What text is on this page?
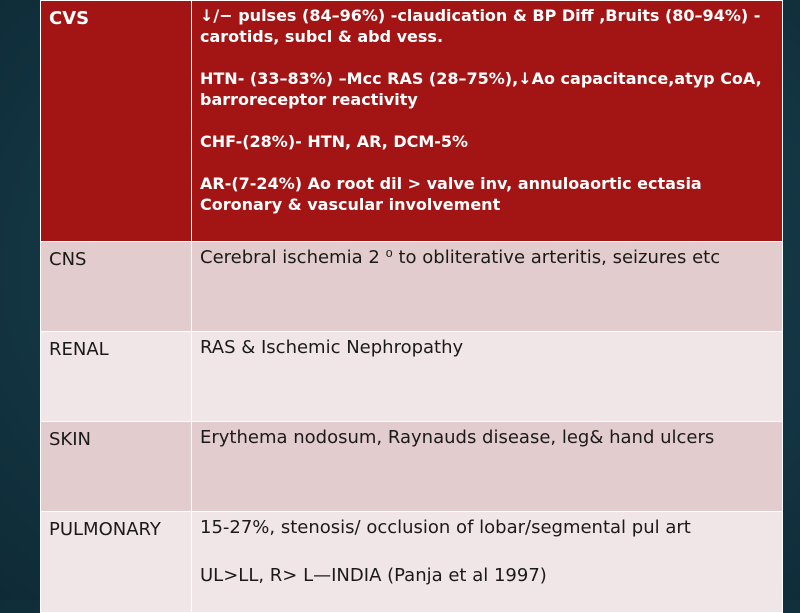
CVS	↓/− pulses (84–96%) -claudication & BP Diff ,Bruits (80–94%) -carotids, subcl & abd vess.

HTN- (33–83%) –Mcc RAS (28–75%),↓Ao capacitance,atyp CoA, barroreceptor reactivity

CHF-(28%)- HTN, AR, DCM-5%

AR-(7-24%) Ao root dil > valve inv, annuloaortic ectasia Coronary & vascular involvement

CNS	Cerebral ischemia 2 ⁰ to obliterative arteritis, seizures etc

RENAL	RAS & Ischemic Nephropathy

SKIN	Erythema nodosum, Raynauds disease, leg& hand ulcers

PULMONARY	15-27%, stenosis/ occlusion of lobar/segmental pul art

UL>LL, R> L—INDIA (Panja et al 1997)
